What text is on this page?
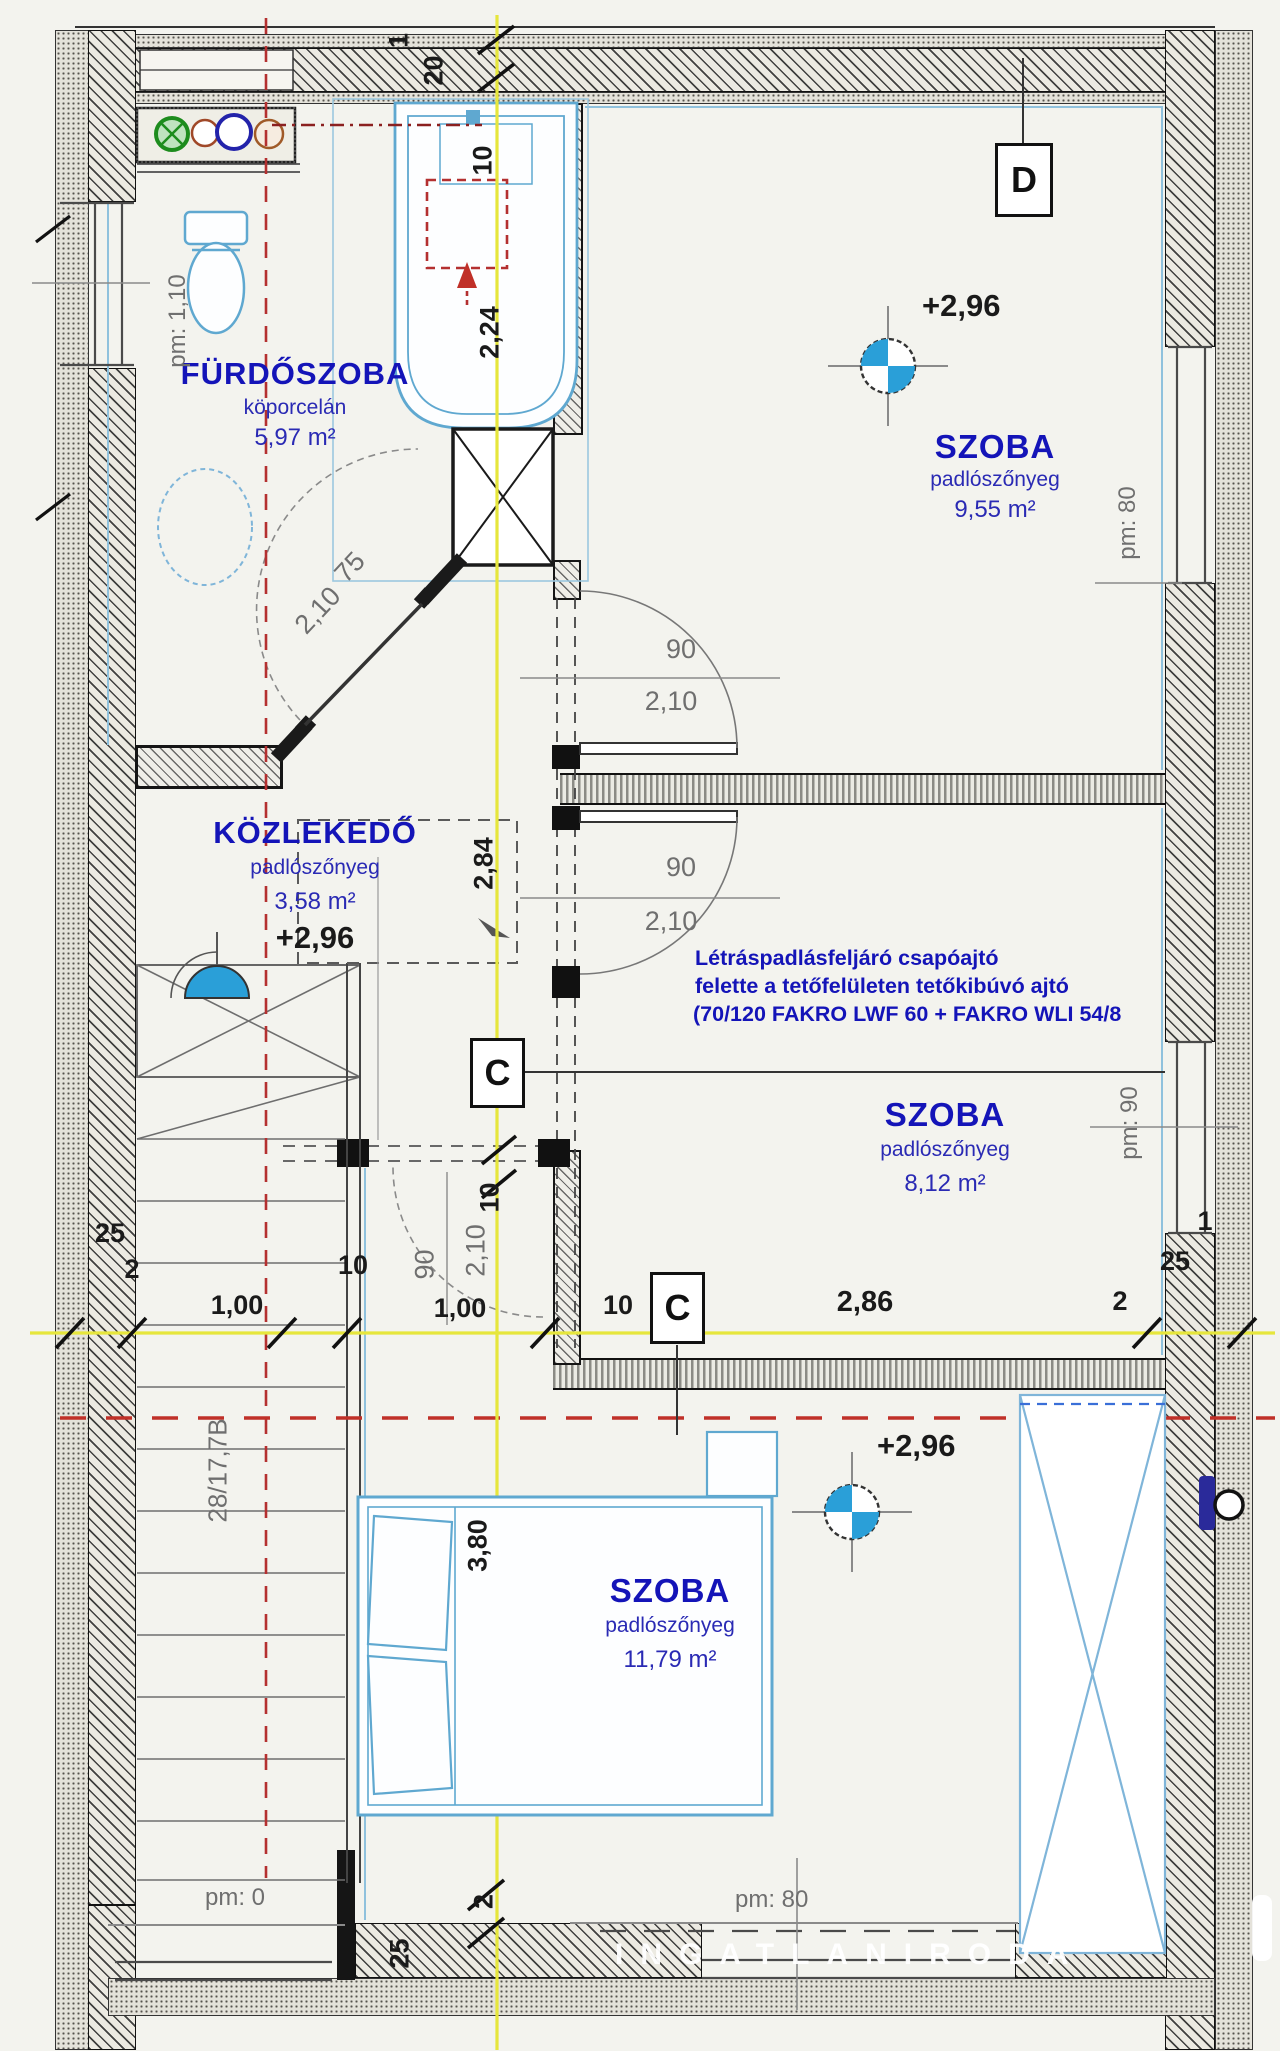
D
C
C
FÜRDŐSZOBA
köporcelán
5,97 m²
pm: 1,10
1
20
10
2,24
+2,96
SZOBA
padlószőnyeg
9,55 m²	pm: 80
75
2,10
90
2,10
90
2,10
KÖZLEKEDŐ
padlószőnyeg
3,58 m²
+2,96
2,84
Létráspadlásfeljáró csapóajtó
felette a tetőfelületen tetőkibúvó ajtó
(70/120 FAKRO LWF 60 + FAKRO WLI 54/8
SZOBA
padlószőnyeg
8,12 m²
pm: 90
25
2
1,00
10	90 2,10
10
1,00	10	2,86	2
25
1
28/17,7B
3,80
+2,96
SZOBA
padlószőnyeg
11,79 m²
pm: 0	pm: 80
25
2
INGATLANIRODA
